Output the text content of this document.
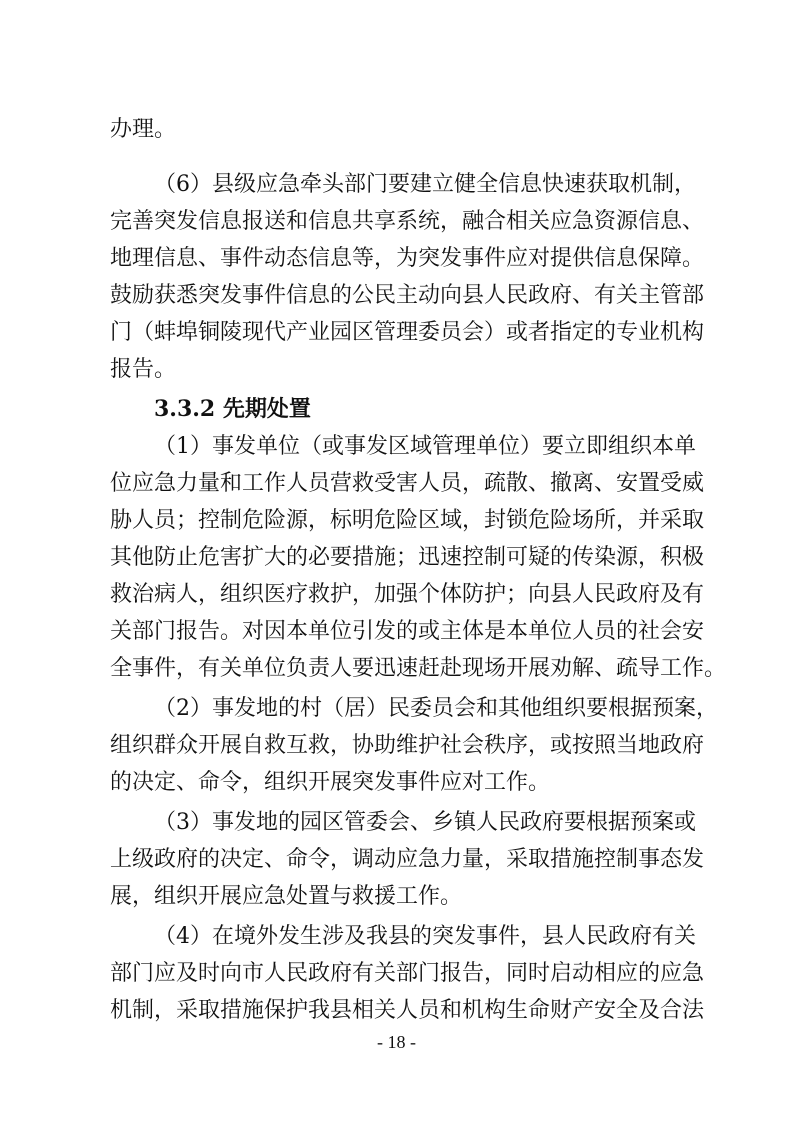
办理。
（6）县级应急牵头部门要建立健全信息快速获取机制，
完善突发信息报送和信息共享系统，融合相关应急资源信息、
地理信息、事件动态信息等，为突发事件应对提供信息保障。
鼓励获悉突发事件信息的公民主动向县人民政府、有关主管部
门（蚌埠铜陵现代产业园区管理委员会）或者指定的专业机构
报告。
3.3.2 先期处置
（1）事发单位（或事发区域管理单位）要立即组织本单
位应急力量和工作人员营救受害人员，疏散、撤离、安置受威
胁人员；控制危险源，标明危险区域，封锁危险场所，并采取
其他防止危害扩大的必要措施；迅速控制可疑的传染源，积极
救治病人，组织医疗救护，加强个体防护；向县人民政府及有
关部门报告。对因本单位引发的或主体是本单位人员的社会安
全事件，有关单位负责人要迅速赶赴现场开展劝解、疏导工作。
（2）事发地的村（居）民委员会和其他组织要根据预案，
组织群众开展自救互救，协助维护社会秩序，或按照当地政府
的决定、命令，组织开展突发事件应对工作。
（3）事发地的园区管委会、乡镇人民政府要根据预案或
上级政府的决定、命令，调动应急力量，采取措施控制事态发
展，组织开展应急处置与救援工作。
（4）在境外发生涉及我县的突发事件，县人民政府有关
部门应及时向市人民政府有关部门报告，同时启动相应的应急
机制，采取措施保护我县相关人员和机构生命财产安全及合法
- 18 -
